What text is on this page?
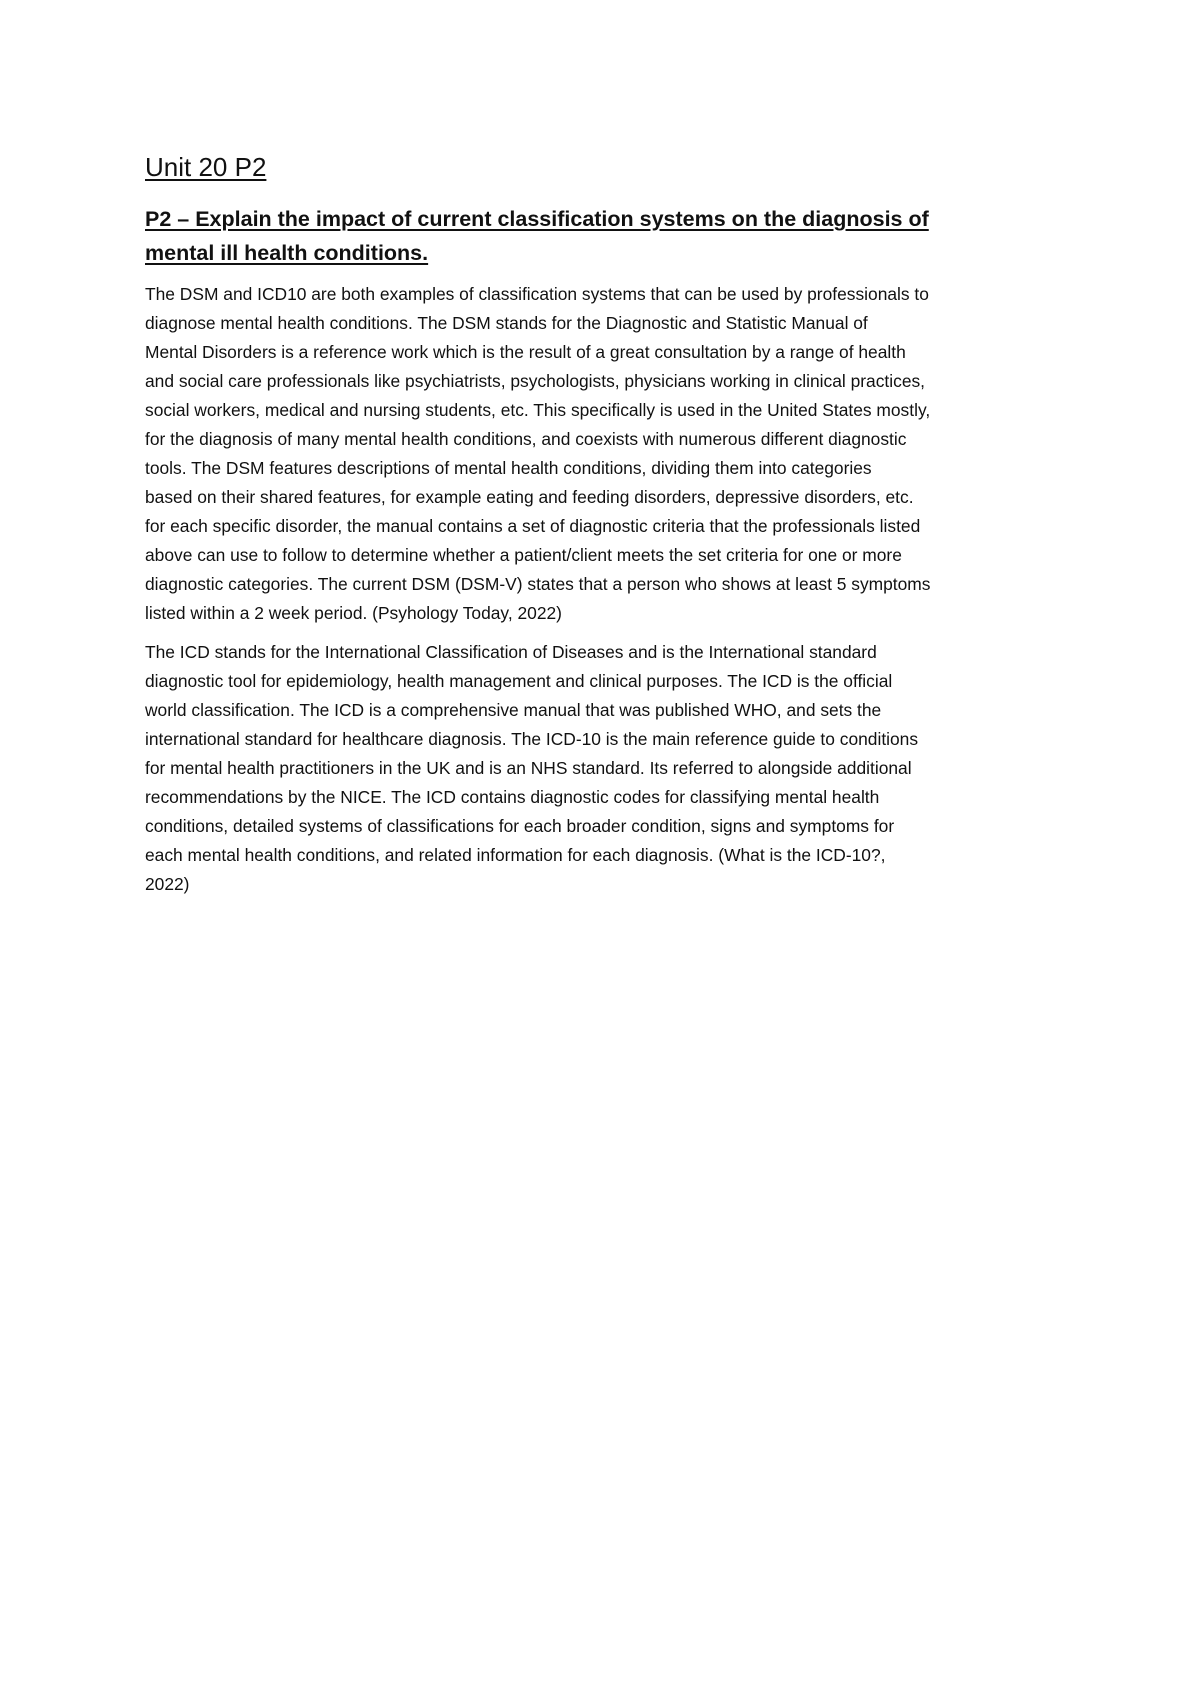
Unit 20 P2
P2 – Explain the impact of current classification systems on the diagnosis of
mental ill health conditions.
The DSM and ICD10 are both examples of classification systems that can be used by professionals to
diagnose mental health conditions. The DSM stands for the Diagnostic and Statistic Manual of
Mental Disorders is a reference work which is the result of a great consultation by a range of health
and social care professionals like psychiatrists, psychologists, physicians working in clinical practices,
social workers, medical and nursing students, etc. This specifically is used in the United States mostly,
for the diagnosis of many mental health conditions, and coexists with numerous different diagnostic
tools. The DSM features descriptions of mental health conditions, dividing them into categories
based on their shared features, for example eating and feeding disorders, depressive disorders, etc.
for each specific disorder, the manual contains a set of diagnostic criteria that the professionals listed
above can use to follow to determine whether a patient/client meets the set criteria for one or more
diagnostic categories. The current DSM (DSM-V) states that a person who shows at least 5 symptoms
listed within a 2 week period. (Psyhology Today, 2022)
The ICD stands for the International Classification of Diseases and is the International standard
diagnostic tool for epidemiology, health management and clinical purposes. The ICD is the official
world classification. The ICD is a comprehensive manual that was published WHO, and sets the
international standard for healthcare diagnosis. The ICD-10 is the main reference guide to conditions
for mental health practitioners in the UK and is an NHS standard. Its referred to alongside additional
recommendations by the NICE. The ICD contains diagnostic codes for classifying mental health
conditions, detailed systems of classifications for each broader condition, signs and symptoms for
each mental health conditions, and related information for each diagnosis. (What is the ICD-10?,
2022)
